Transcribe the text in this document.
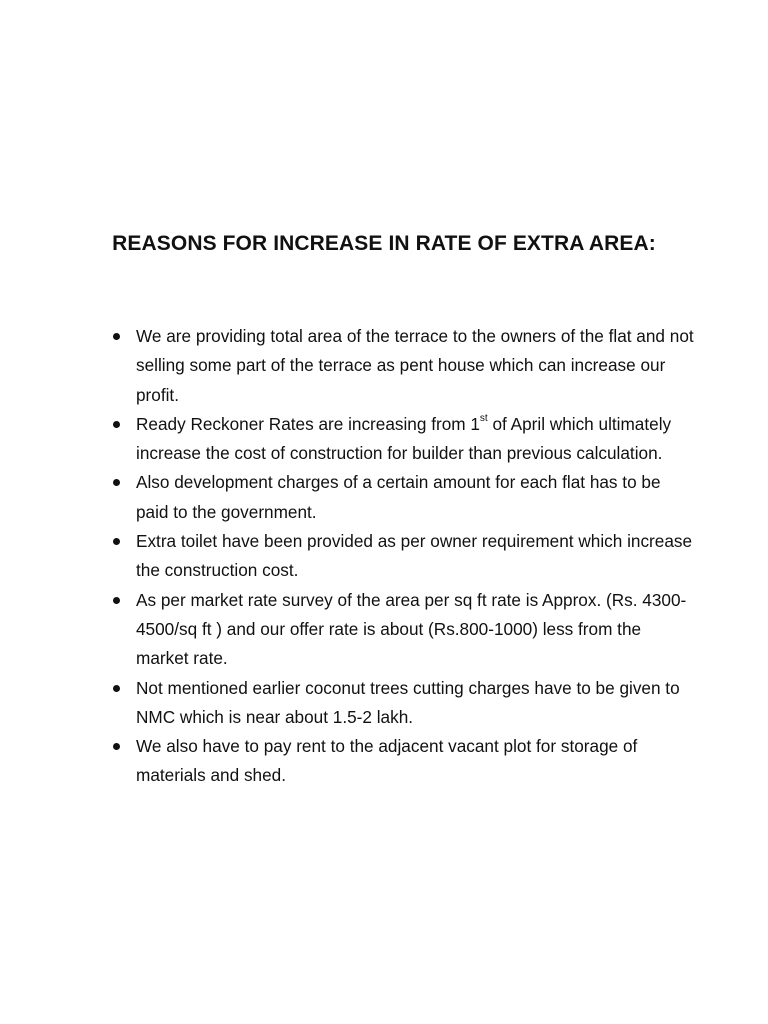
REASONS FOR INCREASE IN RATE OF EXTRA AREA:
We are providing total area of the terrace to the owners of the flat and not selling some part of the terrace as pent house which can increase our profit.
Ready Reckoner Rates are increasing from 1st of April which ultimately increase the cost of construction for builder than previous calculation.
Also development charges of a certain amount for each flat has to be paid to the government.
Extra toilet have been provided as per owner requirement which increase the construction cost.
As per market rate survey of the area per sq ft rate is Approx. (Rs. 4300-4500/sq ft ) and our offer rate is about (Rs.800-1000) less from the market rate.
Not mentioned earlier coconut trees cutting charges have to be given to NMC which is near about 1.5-2 lakh.
We also have to pay rent to the adjacent vacant plot for storage of materials and shed.
